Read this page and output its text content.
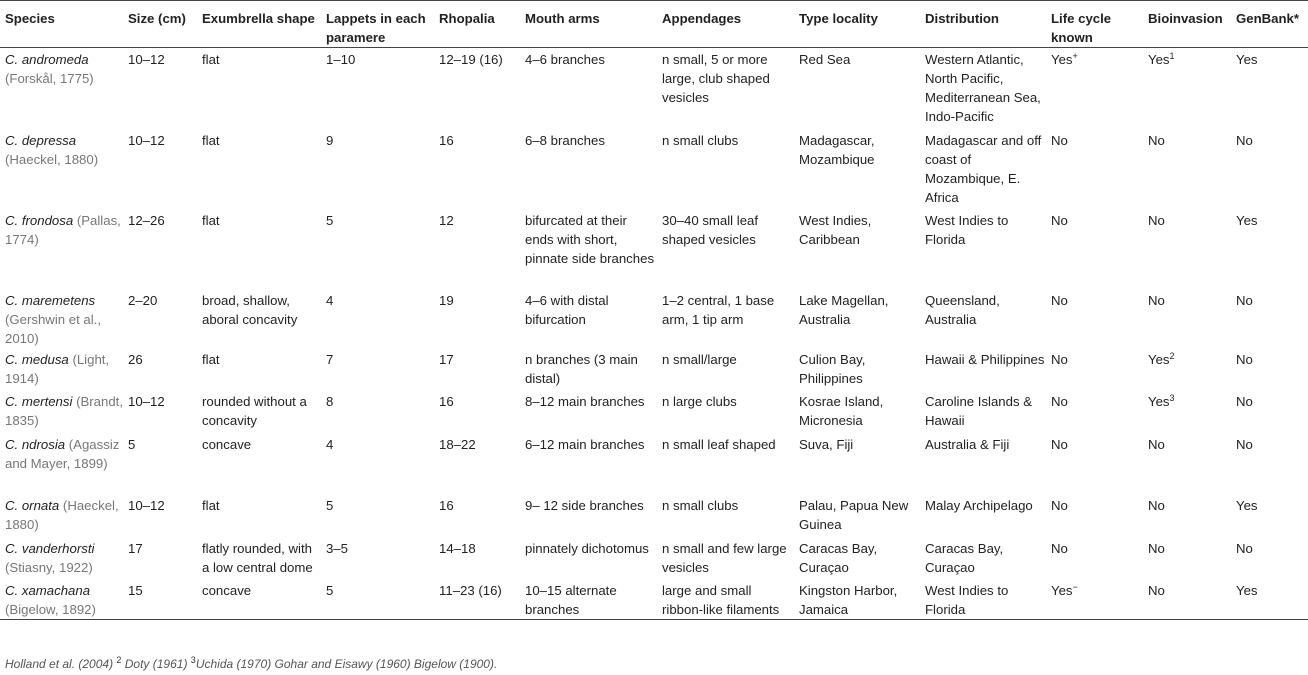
Species	Size (cm)	Exumbrella shape	Lappets in each paramere	Rhopalia	Mouth arms	Appendages	Type locality	Distribution	Life cycle known	Bioinvasion	GenBank*
C. andromeda (Forskål, 1775)	10–12	flat	1–10	12–19 (16)	4–6 branches	n small, 5 or more large, club shaped vesicles	Red Sea	Western Atlantic, North Pacific, Mediterranean Sea, Indo-Pacific	Yes+	Yes$^1$	Yes
C. depressa (Haeckel, 1880)	10–12	flat	9	16	6–8 branches	n small clubs	Madagascar, Mozambique	Madagascar and off coast of Mozambique, E. Africa	No	No	No
C. frondosa (Pallas, 1774)	12–26	flat	5	12	bifurcated at their ends with short, pinnate side branches	30–40 small leaf shaped vesicles	West Indies, Caribbean	West Indies to Florida	No	No	Yes
C. maremetens (Gershwin et al., 2010)	2–20	broad, shallow, aboral concavity	4	19	4–6 with distal bifurcation	1–2 central, 1 base arm, 1 tip arm	Lake Magellan, Australia	Queensland, Australia	No	No	No
C. medusa (Light, 1914)	26	flat	7	17	n branches (3 main distal)	n small/large	Culion Bay, Philippines	Hawaii & Philippines	No	Yes$^2$	No
C. mertensi (Brandt, 1835)	10–12	rounded without a concavity	8	16	8–12 main branches	n large clubs	Kosrae Island, Micronesia	Caroline Islands & Hawaii	No	Yes$^3$	No
C. ndrosia (Agassiz and Mayer, 1899)	5	concave	4	18–22	6–12 main branches	n small leaf shaped	Suva, Fiji	Australia & Fiji	No	No	No
C. ornata (Haeckel, 1880)	10–12	flat	5	16	9– 12 side branches	n small clubs	Palau, Papua New Guinea	Malay Archipelago	No	No	Yes
C. vanderhorsti (Stiasny, 1922)	17	flatly rounded, with a low central dome	3–5	14–18	pinnately dichotomus	n small and few large vesicles	Caracas Bay, Curaçao	Caracas Bay, Curaçao	No	No	No
C. xamachana (Bigelow, 1892)	15	concave	5	11–23 (16)	10–15 alternate branches	large and small ribbon-like filaments	Kingston Harbor, Jamaica	West Indies to Florida	Yes−	No	Yes
Holland et al. (2004) $^2$ Doty (1961) $^3$Uchida (1970) Gohar and Eisawy (1960) Bigelow (1900).
